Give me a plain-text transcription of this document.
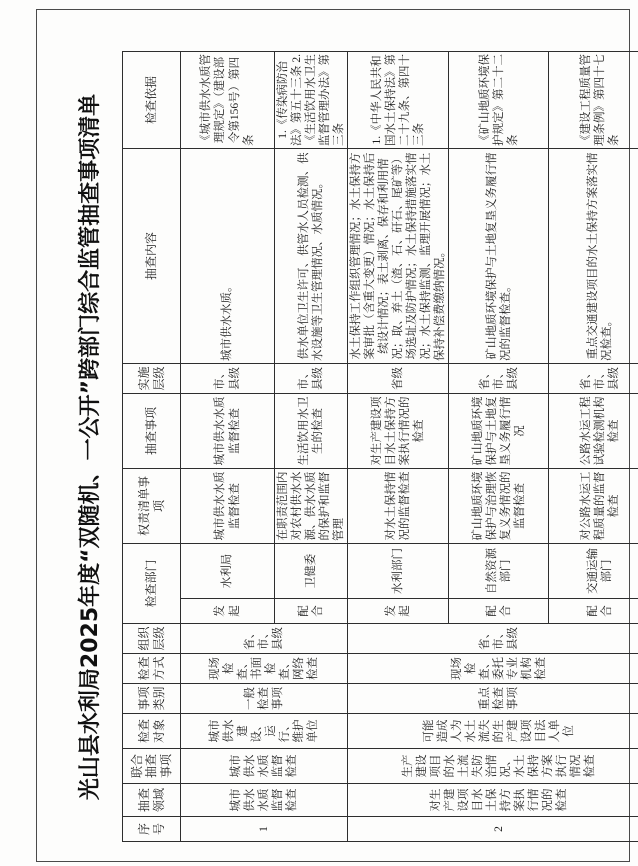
光山县水利局2025年度“双随机、一公开”跨部门综合监管抽查事项清单
序号	抽查领域	联合抽查事项	检查对象	事项类别	检查方式	组织层级	检查部门		权责清单事项	抽查事项	实施层级	抽查内容	检查依据
1	城市供水水质监督检查	城市供水水质监督检查	城市供水建设、运行、维护单位	一般检查事项	现场检查、书面检查、网络检查	省、市、县级	发起	水利局	城市供水水质监督检查	城市供水水质监督检查	市、县级	城市供水水质。	《城市供水水质管理规定》（建设部令第156号）第四条
							配合	卫健委	在职责范围内对农村供水水源、供水水质的保护和监督管理	生活饮用水卫生的检查	市、县级	供水单位卫生许可、供管水人员检测、供水设施等卫生管理情况、水质情况。	1.《传染病防治法》第五十三条 2.《生活饮用水卫生监督管理办法》第三条
2	对生产建设项目水土保持方案执行情况的检查	生产建设项目的水土流失防治情况、水土保持方案执行情况检查	可能造成人为水土流失的生产建设项目法人单位	重点检查事项	现场检查、委托专业机构检查	省、市、县级	发起	水利部门	对水土保持情况的监督检查	对生产建设项目水土保持方案执行情况的检查	省级	水土保持工作组织管理情况；水土保持方案审批（含重大变更）情况；水土保持后续设计情况；表土剥离、保存和利用情况；取、弃土（渣、石、矸石、尾矿等）场选址及防护情况；水土保持措施落实情况；水土保持监测、监理开展情况；水土保持补偿费缴纳情况。	1.《中华人民共和国水土保持法》第二十九条、第四十三条
							配合	自然资源部门	矿山地质环境保护与治理恢复义务情况的监督检查	矿山地质环境保护与土地复垦义务履行情况	省、市、县级	矿山地质环境保护与土地复垦义务履行情况的监督检查。	《矿山地质环境保护规定》第二十二条
							配合	交通运输部门	对公路水运工程质量的监督检查	公路水运工程试验检测机构检查	省、市、县级	重点交通建设项目的水土保持方案落实情况检查。	《建设工程质量管理条例》第四十七条
